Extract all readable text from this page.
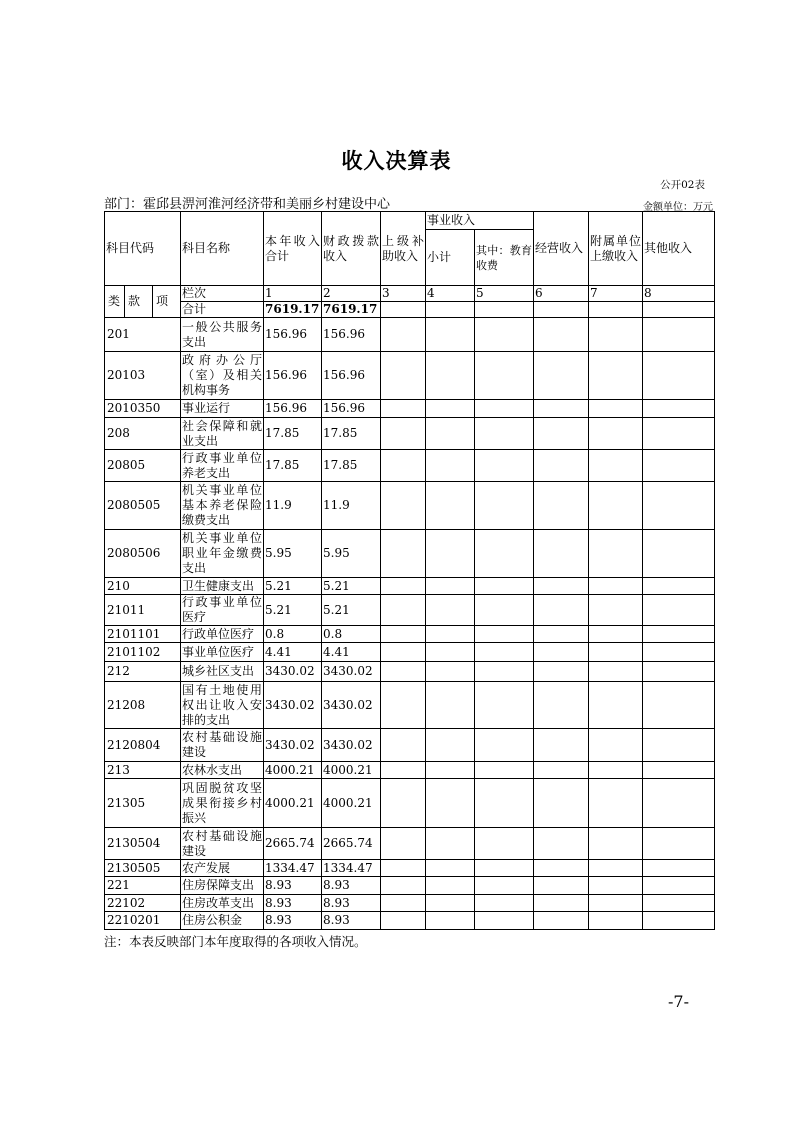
收入决算表
公开02表
部门：霍邱县淠河淮河经济带和美丽乡村建设中心	金额单位：万元
科目代码			科目名称	本年收入合计	财政拨款收入	上级补助收入	事业收入		经营收入	附属单位上缴收入	其他收入
							小计	其中：教育收费			
类	款	项	栏次	1	2	3	4	5	6	7	8
			合计	7619.17	7619.17						
201			一般公共服务支出	156.96	156.96						
20103			政府办公厅（室）及相关机构事务	156.96	156.96						
2010350			事业运行	156.96	156.96						
208			社会保障和就业支出	17.85	17.85						
20805			行政事业单位养老支出	17.85	17.85						
2080505			机关事业单位基本养老保险缴费支出	11.9	11.9						
2080506			机关事业单位职业年金缴费支出	5.95	5.95						
210			卫生健康支出	5.21	5.21						
21011			行政事业单位医疗	5.21	5.21						
2101101			行政单位医疗	0.8	0.8						
2101102			事业单位医疗	4.41	4.41						
212			城乡社区支出	3430.02	3430.02						
21208			国有土地使用权出让收入安排的支出	3430.02	3430.02						
2120804			农村基础设施建设	3430.02	3430.02						
213			农林水支出	4000.21	4000.21						
21305			巩固脱贫攻坚成果衔接乡村振兴	4000.21	4000.21						
2130504			农村基础设施建设	2665.74	2665.74						
2130505			农产发展	1334.47	1334.47						
221			住房保障支出	8.93	8.93						
22102			住房改革支出	8.93	8.93						
2210201			住房公积金	8.93	8.93						
注：本表反映部门本年度取得的各项收入情况。
-7-
